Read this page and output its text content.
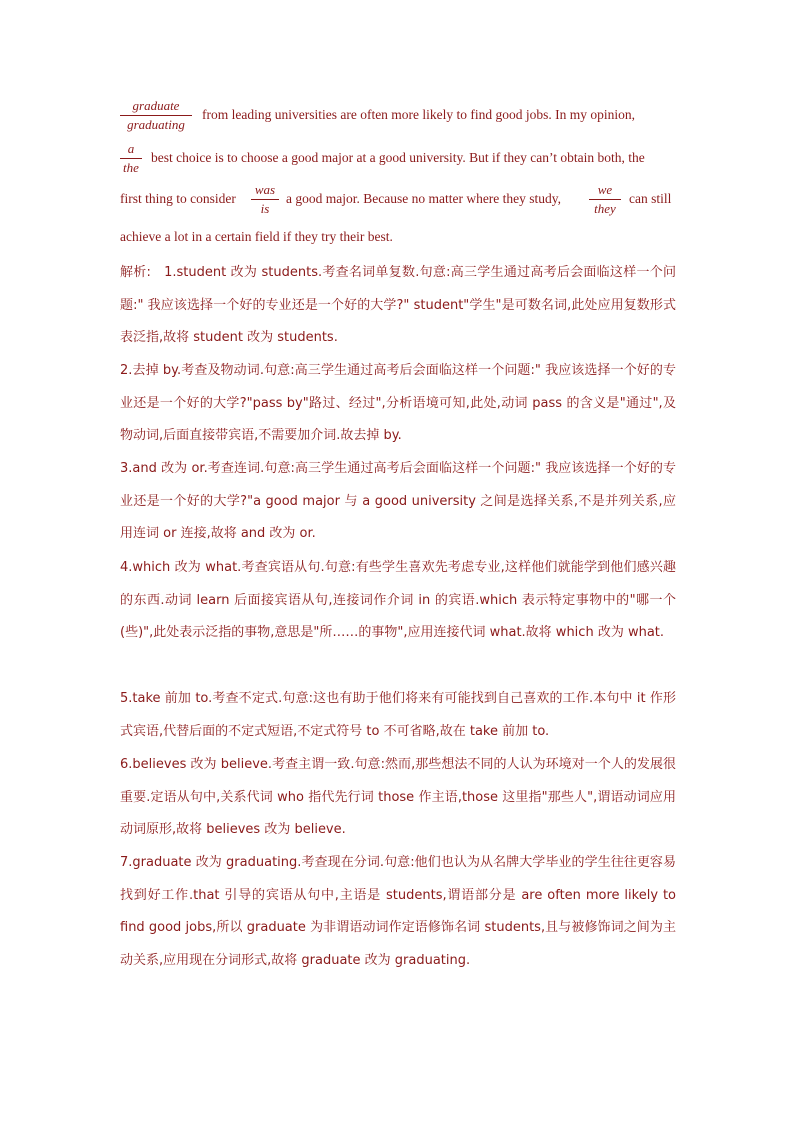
graduate
graduating
from leading universities are often more likely to find good jobs. In my opinion,
a
the
best choice is to choose a good major at a good university. But if they can’t obtain both, the
first thing to consider
was
is
a good major. Because no matter where they study,
we
they
can still
achieve a lot in a certain field if they try their best.
解析: 1.student 改为 students.考查名词单复数.句意:高三学生通过高考后会面临这样一个问题:" 我应该选择一个好的专业还是一个好的大学?" student"学生"是可数名词,此处应用复数形式表泛指,故将 student 改为 students.
2.去掉 by.考查及物动词.句意:高三学生通过高考后会面临这样一个问题:" 我应该选择一个好的专业还是一个好的大学?"pass by"路过、经过",分析语境可知,此处,动词 pass 的含义是"通过",及物动词,后面直接带宾语,不需要加介词.故去掉 by.
3.and 改为 or.考查连词.句意:高三学生通过高考后会面临这样一个问题:" 我应该选择一个好的专业还是一个好的大学?"a good major 与 a good university 之间是选择关系,不是并列关系,应用连词 or 连接,故将 and 改为 or.
4.which 改为 what.考查宾语从句.句意:有些学生喜欢先考虑专业,这样他们就能学到他们感兴趣的东西.动词 learn 后面接宾语从句,连接词作介词 in 的宾语.which 表示特定事物中的"哪一个(些)",此处表示泛指的事物,意思是"所……的事物",应用连接代词 what.故将 which 改为 what.
5.take 前加 to.考查不定式.句意:这也有助于他们将来有可能找到自己喜欢的工作.本句中 it 作形式宾语,代替后面的不定式短语,不定式符号 to 不可省略,故在 take 前加 to.
6.believes 改为 believe.考查主谓一致.句意:然而,那些想法不同的人认为环境对一个人的发展很重要.定语从句中,关系代词 who 指代先行词 those 作主语,those 这里指"那些人",谓语动词应用动词原形,故将 believes 改为 believe.
7.graduate 改为 graduating.考查现在分词.句意:他们也认为从名牌大学毕业的学生往往更容易找到好工作.that 引导的宾语从句中,主语是 students,谓语部分是 are often more likely to find good jobs,所以 graduate 为非谓语动词作定语修饰名词 students,且与被修饰词之间为主动关系,应用现在分词形式,故将 graduate 改为 graduating.
